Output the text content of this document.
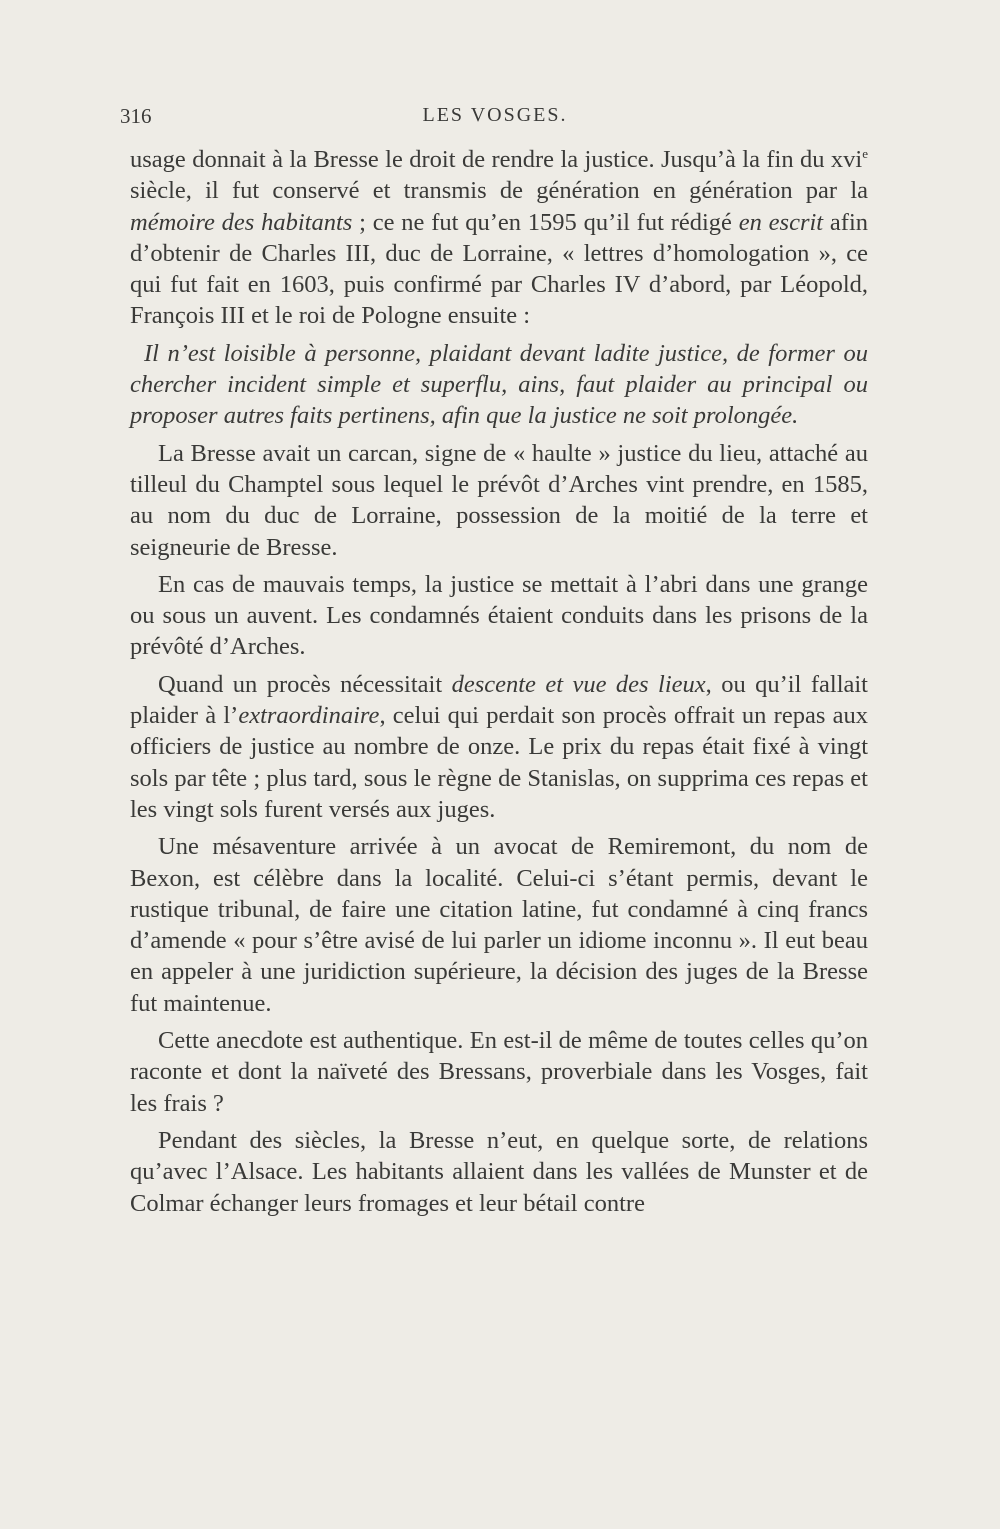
316	LES VOSGES.

usage donnait à la Bresse le droit de rendre la justice. Jusqu’à la fin du xvi$^e$ siècle, il fut conservé et transmis de génération en génération par la mémoire des habitants ; ce ne fut qu’en 1595 qu’il fut rédigé en escrit afin d’obtenir de Charles III, duc de Lorraine, « lettres d’homologation », ce qui fut fait en 1603, puis confirmé par Charles IV d’abord, par Léopold, François III et le roi de Pologne ensuite :

Il n’est loisible à personne, plaidant devant ladite justice, de former ou chercher incident simple et superflu, ains, faut plaider au principal ou proposer autres faits pertinens, afin que la justice ne soit prolongée.

La Bresse avait un carcan, signe de « haulte » justice du lieu, attaché au tilleul du Champtel sous lequel le prévôt d’Arches vint prendre, en 1585, au nom du duc de Lorraine, possession de la moitié de la terre et seigneurie de Bresse.

En cas de mauvais temps, la justice se mettait à l’abri dans une grange ou sous un auvent. Les condamnés étaient conduits dans les prisons de la prévôté d’Arches.

Quand un procès nécessitait descente et vue des lieux, ou qu’il fallait plaider à l’extraordinaire, celui qui perdait son procès offrait un repas aux officiers de justice au nombre de onze. Le prix du repas était fixé à vingt sols par tête ; plus tard, sous le règne de Stanislas, on supprima ces repas et les vingt sols furent versés aux juges.

Une mésaventure arrivée à un avocat de Remiremont, du nom de Bexon, est célèbre dans la localité. Celui-ci s’étant permis, devant le rustique tribunal, de faire une citation latine, fut condamné à cinq francs d’amende « pour s’être avisé de lui parler un idiome inconnu ». Il eut beau en appeler à une juridiction supérieure, la décision des juges de la Bresse fut maintenue.

Cette anecdote est authentique. En est-il de même de toutes celles qu’on raconte et dont la naïveté des Bressans, proverbiale dans les Vosges, fait les frais ?

Pendant des siècles, la Bresse n’eut, en quelque sorte, de relations qu’avec l’Alsace. Les habitants allaient dans les vallées de Munster et de Colmar échanger leurs fromages et leur bétail contre
